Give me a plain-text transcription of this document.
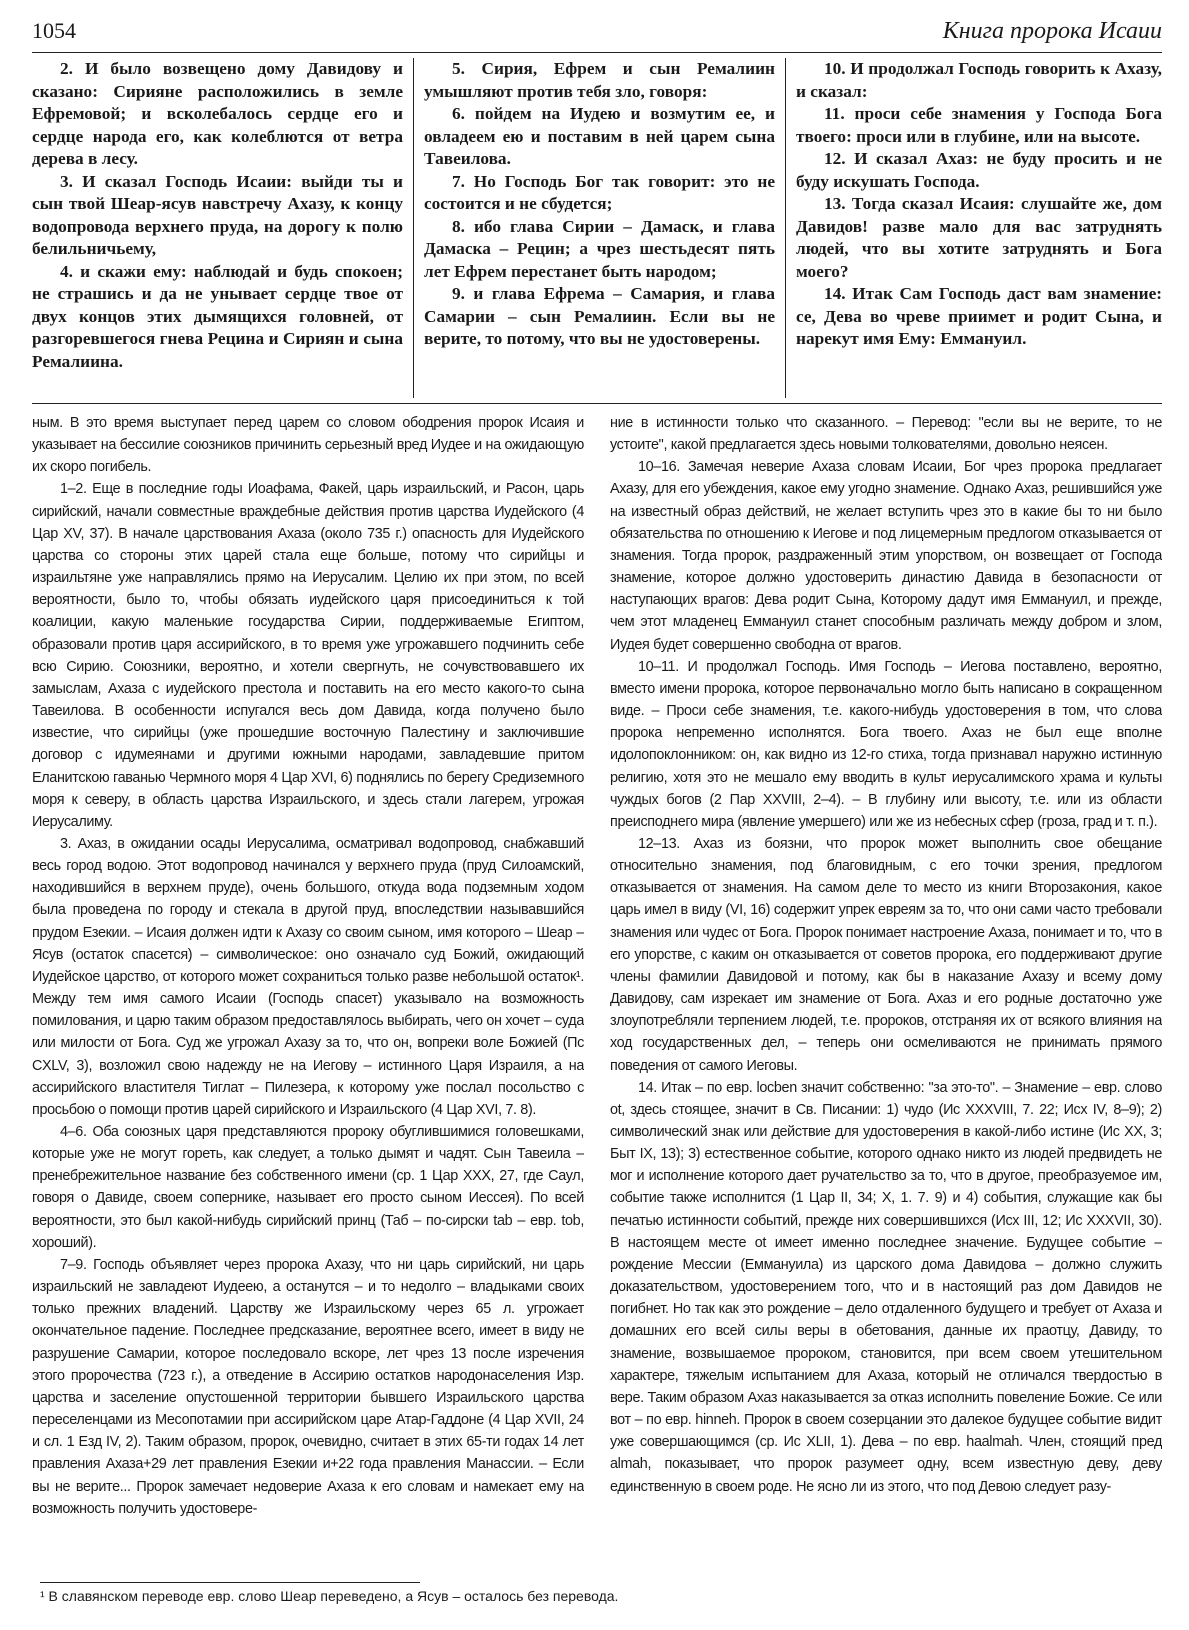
1054	Книга пророка Исаии

2. И было возвещено дому Давидову и сказано: Сирияне расположились в земле Ефремовой; и всколебалось сердце его и сердце народа его, как колеблются от ветра дерева в лесу.

3. И сказал Господь Исаии: выйди ты и сын твой Шеар-ясув навстречу Ахазу, к концу водопровода верхнего пруда, на дорогу к полю белильничьему,

4. и скажи ему: наблюдай и будь спокоен; не страшись и да не унывает сердце твое от двух концов этих дымящихся головней, от разгоревшегося гнева Рецина и Сириян и сына Ремалиина.

5. Сирия, Ефрем и сын Ремалиин умышляют против тебя зло, говоря:

6. пойдем на Иудею и возмутим ее, и овладеем ею и поставим в ней царем сына Тавеилова.

7. Но Господь Бог так говорит: это не состоится и не сбудется;

8. ибо глава Сирии – Дамаск, и глава Дамаска – Рецин; а чрез шестьдесят пять лет Ефрем перестанет быть народом;

9. и глава Ефрема – Самария, и глава Самарии – сын Ремалиин. Если вы не верите, то потому, что вы не удостоверены.

10. И продолжал Господь говорить к Ахазу, и сказал:

11. проси себе знамения у Господа Бога твоего: проси или в глубине, или на высоте.

12. И сказал Ахаз: не буду просить и не буду искушать Господа.

13. Тогда сказал Исаия: слушайте же, дом Давидов! разве мало для вас затруднять людей, что вы хотите затруднять и Бога моего?

14. Итак Сам Господь даст вам знамение: се, Дева во чреве приимет и родит Сына, и нарекут имя Ему: Еммануил.

ным. В это время выступает перед царем со словом ободрения пророк Исаия и указывает на бессилие союзников причинить серьезный вред Иудее и на ожидающую их скоро погибель.

1–2. Еще в последние годы Иоафама, Факей, царь израильский, и Расон, царь сирийский, начали совместные враждебные действия против царства Иудейского (4 Цар XV, 37). В начале царствования Ахаза (около 735 г.) опасность для Иудейского царства со стороны этих царей стала еще больше, потому что сирийцы и израильтяне уже направлялись прямо на Иерусалим. Целию их при этом, по всей вероятности, было то, чтобы обязать иудейского царя присоединиться к той коалиции, какую маленькие государства Сирии, поддерживаемые Египтом, образовали против царя ассирийского, в то время уже угрожавшего подчинить себе всю Сирию. Союзники, вероятно, и хотели свергнуть, не сочувствовавшего их замыслам, Ахаза с иудейского престола и поставить на его место какого-то сына Тавеилова. В особенности испугался весь дом Давида, когда получено было известие, что сирийцы (уже прошедшие восточную Палестину и заключившие договор с идумеянами и другими южными народами, завладевшие притом Еланитскою гаванью Чермного моря 4 Цар XVI, 6) поднялись по берегу Средиземного моря к северу, в область царства Израильского, и здесь стали лагерем, угрожая Иерусалиму.

3. Ахаз, в ожидании осады Иерусалима, осматривал водопровод, снабжавший весь город водою. Этот водопровод начинался у верхнего пруда (пруд Силоамский, находившийся в верхнем пруде), очень большого, откуда вода подземным ходом была проведена по городу и стекала в другой пруд, впоследствии называвшийся прудом Езекии. – Исаия должен идти к Ахазу со своим сыном, имя которого – Шеар – Ясув (остаток спасется) – символическое: оно означало суд Божий, ожидающий Иудейское царство, от которого может сохраниться только разве небольшой остаток¹. Между тем имя самого Исаии (Господь спасет) указывало на возможность помилования, и царю таким образом предоставлялось выбирать, чего он хочет – суда или милости от Бога. Суд же угрожал Ахазу за то, что он, вопреки воле Божией (Пс CXLV, 3), возложил свою надежду не на Иегову – истинного Царя Израиля, а на ассирийского властителя Тиглат – Пилезера, к которому уже послал посольство с просьбою о помощи против царей сирийского и Израильского (4 Цар XVI, 7. 8).

4–6. Оба союзных царя представляются пророку обуглившимися головешками, которые уже не могут гореть, как следует, а только дымят и чадят. Сын Тавеила – пренебрежительное название без собственного имени (ср. 1 Цар XXX, 27, где Саул, говоря о Давиде, своем сопернике, называет его просто сыном Иессея). По всей вероятности, это был какой-нибудь сирийский принц (Таб – по-сирски tab – евр. tob, хороший).

7–9. Господь объявляет через пророка Ахазу, что ни царь сирийский, ни царь израильский не завладеют Иудеею, а останутся – и то недолго – владыками своих только прежних владений. Царству же Израильскому через 65 л. угрожает окончательное падение. Последнее предсказание, вероятнее всего, имеет в виду не разрушение Самарии, которое последовало вскоре, лет чрез 13 после изречения этого пророчества (723 г.), а отведение в Ассирию остатков народонаселения Изр. царства и заселение опустошенной территории бывшего Израильского царства переселенцами из Месопотамии при ассирийском царе Атар-Гаддоне (4 Цар XVII, 24 и сл. 1 Езд IV, 2). Таким образом, пророк, очевидно, считает в этих 65-ти годах 14 лет правления Ахаза+29 лет правления Езекии и+22 года правления Манассии. – Если вы не верите... Пророк замечает недоверие Ахаза к его словам и намекает ему на возможность получить удостовере-

ние в истинности только что сказанного. – Перевод: "если вы не верите, то не устоите", какой предлагается здесь новыми толкователями, довольно неясен.

10–16. Замечая неверие Ахаза словам Исаии, Бог чрез пророка предлагает Ахазу, для его убеждения, какое ему угодно знамение. Однако Ахаз, решившийся уже на известный образ действий, не желает вступить чрез это в какие бы то ни было обязательства по отношению к Иегове и под лицемерным предлогом отказывается от знамения. Тогда пророк, раздраженный этим упорством, он возвещает от Господа знамение, которое должно удостоверить династию Давида в безопасности от наступающих врагов: Дева родит Сына, Которому дадут имя Еммануил, и прежде, чем этот младенец Еммануил станет способным различать между добром и злом, Иудея будет совершенно свободна от врагов.

10–11. И продолжал Господь. Имя Господь – Иегова поставлено, вероятно, вместо имени пророка, которое первоначально могло быть написано в сокращенном виде. – Проси себе знамения, т.е. какого-нибудь удостоверения в том, что слова пророка непременно исполнятся. Бога твоего. Ахаз не был еще вполне идолопоклонником: он, как видно из 12-го стиха, тогда признавал наружно истинную религию, хотя это не мешало ему вводить в культ иерусалимского храма и культы чуждых богов (2 Пар XXVIII, 2–4). – В глубину или высоту, т.е. или из области преисподнего мира (явление умершего) или же из небесных сфер (гроза, град и т. п.).

12–13. Ахаз из боязни, что пророк может выполнить свое обещание относительно знамения, под благовидным, с его точки зрения, предлогом отказывается от знамения. На самом деле то место из книги Второзакония, какое царь имел в виду (VI, 16) содержит упрек евреям за то, что они сами часто требовали знамения или чудес от Бога. Пророк понимает настроение Ахаза, понимает и то, что в его упорстве, с каким он отказывается от советов пророка, его поддерживают другие члены фамилии Давидовой и потому, как бы в наказание Ахазу и всему дому Давидову, сам изрекает им знамение от Бога. Ахаз и его родные достаточно уже злоупотребляли терпением людей, т.е. пророков, отстраняя их от всякого влияния на ход государственных дел, – теперь они осмеливаются не принимать прямого поведения от самого Иеговы.

14. Итак – по евр. locben значит собственно: "за это-то". – Знамение – евр. слово ot, здесь стоящее, значит в Св. Писании: 1) чудо (Ис XXXVIII, 7. 22; Исх IV, 8–9); 2) символический знак или действие для удостоверения в какой-либо истине (Ис XX, 3; Быт IX, 13); 3) естественное событие, которого однако никто из людей предвидеть не мог и исполнение которого дает ручательство за то, что в другое, преобразуемое им, событие также исполнится (1 Цар II, 34; X, 1. 7. 9) и 4) события, служащие как бы печатью истинности событий, прежде них совершившихся (Исх III, 12; Ис XXXVII, 30). В настоящем месте ot имеет именно последнее значение. Будущее событие – рождение Мессии (Еммануила) из царского дома Давидова – должно служить доказательством, удостоверением того, что и в настоящий раз дом Давидов не погибнет. Но так как это рождение – дело отдаленного будущего и требует от Ахаза и домашних его всей силы веры в обетования, данные их праотцу, Давиду, то знамение, возвышаемое пророком, становится, при всем своем утешительном характере, тяжелым испытанием для Ахаза, который не отличался твердостью в вере. Таким образом Ахаз наказывается за отказ исполнить повеление Божие. Се или вот – по евр. hinneh. Пророк в своем созерцании это далекое будущее событие видит уже совершающимся (ср. Ис XLII, 1). Дева – по евр. haalmah. Член, стоящий пред almah, показывает, что пророк разумеет одну, всем известную деву, деву единственную в своем роде. Не ясно ли из этого, что под Девою следует разу-

¹ В славянском переводе евр. слово Шеар переведено, а Ясув – осталось без перевода.
